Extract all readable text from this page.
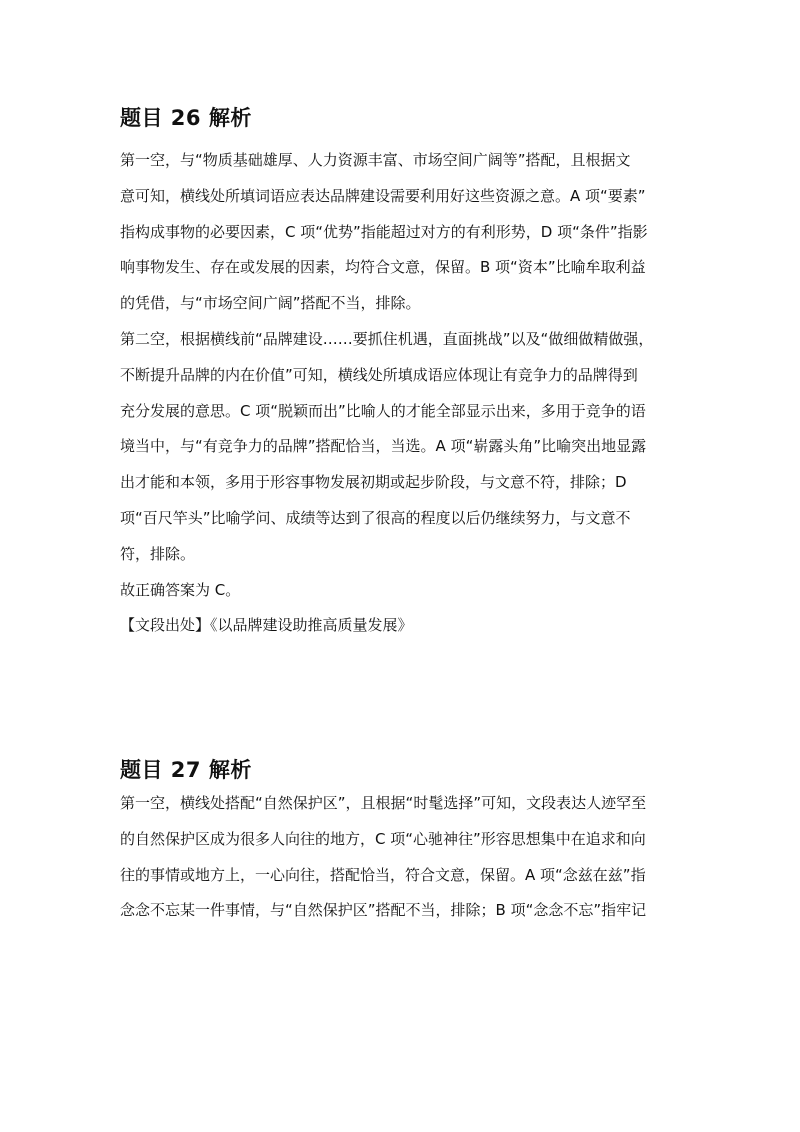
题目 26 解析

第一空，与“物质基础雄厚、人力资源丰富、市场空间广阔等”搭配，且根据文
意可知，横线处所填词语应表达品牌建设需要利用好这些资源之意。A 项“要素”
指构成事物的必要因素，C 项“优势”指能超过对方的有利形势，D 项“条件”指影
响事物发生、存在或发展的因素，均符合文意，保留。B 项“资本”比喻牟取利益
的凭借，与“市场空间广阔”搭配不当，排除。

第二空，根据横线前“品牌建设……要抓住机遇，直面挑战”以及“做细做精做强，
不断提升品牌的内在价值”可知，横线处所填成语应体现让有竞争力的品牌得到
充分发展的意思。C 项“脱颖而出”比喻人的才能全部显示出来，多用于竞争的语
境当中，与“有竞争力的品牌”搭配恰当，当选。A 项“崭露头角”比喻突出地显露
出才能和本领，多用于形容事物发展初期或起步阶段，与文意不符，排除；D
项“百尺竿头”比喻学问、成绩等达到了很高的程度以后仍继续努力，与文意不
符，排除。

故正确答案为 C。

【文段出处】《以品牌建设助推高质量发展》

题目 27 解析

第一空，横线处搭配“自然保护区”，且根据“时髦选择”可知，文段表达人迹罕至
的自然保护区成为很多人向往的地方，C 项“心驰神往”形容思想集中在追求和向
往的事情或地方上，一心向往，搭配恰当，符合文意，保留。A 项“念兹在兹”指
念念不忘某一件事情，与“自然保护区”搭配不当，排除；B 项“念念不忘”指牢记
